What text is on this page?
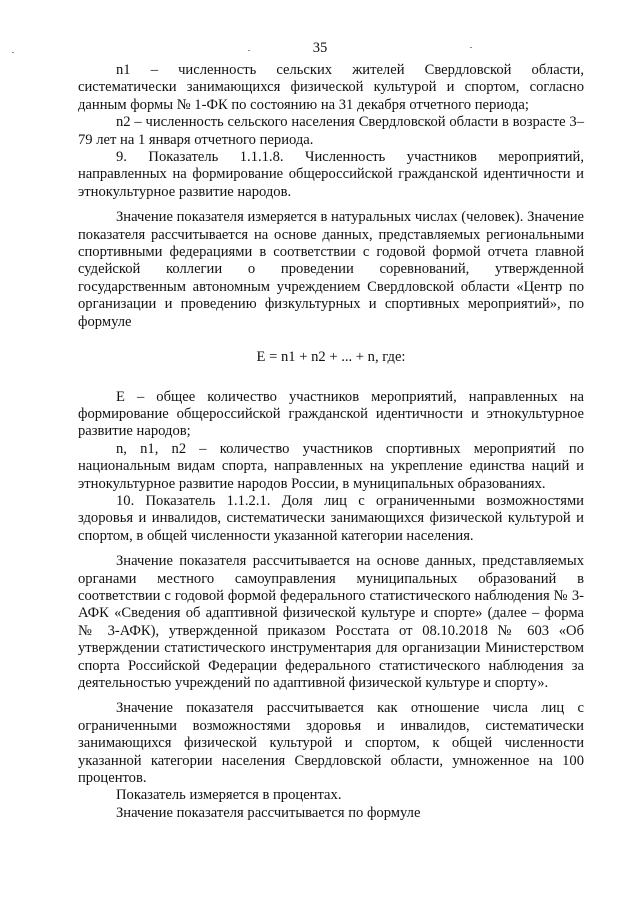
35

n1 – численность сельских жителей Свердловской области, систематически занимающихся физической культурой и спортом, согласно данным формы № 1-ФК по состоянию на 31 декабря отчетного периода;

n2 – численность сельского населения Свердловской области в возрасте 3–79 лет на 1 января отчетного периода.

9. Показатель 1.1.1.8. Численность участников мероприятий, направленных на формирование общероссийской гражданской идентичности и этнокультурное развитие народов.

Значение показателя измеряется в натуральных числах (человек). Значение показателя рассчитывается на основе данных, представляемых региональными спортивными федерациями в соответствии с годовой формой отчета главной судейской коллегии о проведении соревнований, утвержденной государственным автономным учреждением Свердловской области «Центр по организации и проведению физкультурных и спортивных мероприятий», по формуле

E = n1 + n2 + ... + n, где:

E – общее количество участников мероприятий, направленных на формирование общероссийской гражданской идентичности и этнокультурное развитие народов;

n, n1, n2 – количество участников спортивных мероприятий по национальным видам спорта, направленных на укрепление единства наций и этнокультурное развитие народов России, в муниципальных образованиях.

10. Показатель 1.1.2.1. Доля лиц с ограниченными возможностями здоровья и инвалидов, систематически занимающихся физической культурой и спортом, в общей численности указанной категории населения.

Значение показателя рассчитывается на основе данных, представляемых органами местного самоуправления муниципальных образований в соответствии с годовой формой федерального статистического наблюдения № 3-АФК «Сведения об адаптивной физической культуре и спорте» (далее – форма № 3-АФК), утвержденной приказом Росстата от 08.10.2018 № 603 «Об утверждении статистического инструментария для организации Министерством спорта Российской Федерации федерального статистического наблюдения за деятельностью учреждений по адаптивной физической культуре и спорту».

Значение показателя рассчитывается как отношение числа лиц с ограниченными возможностями здоровья и инвалидов, систематически занимающихся физической культурой и спортом, к общей численности указанной категории населения Свердловской области, умноженное на 100 процентов.

Показатель измеряется в процентах.

Значение показателя рассчитывается по формуле
